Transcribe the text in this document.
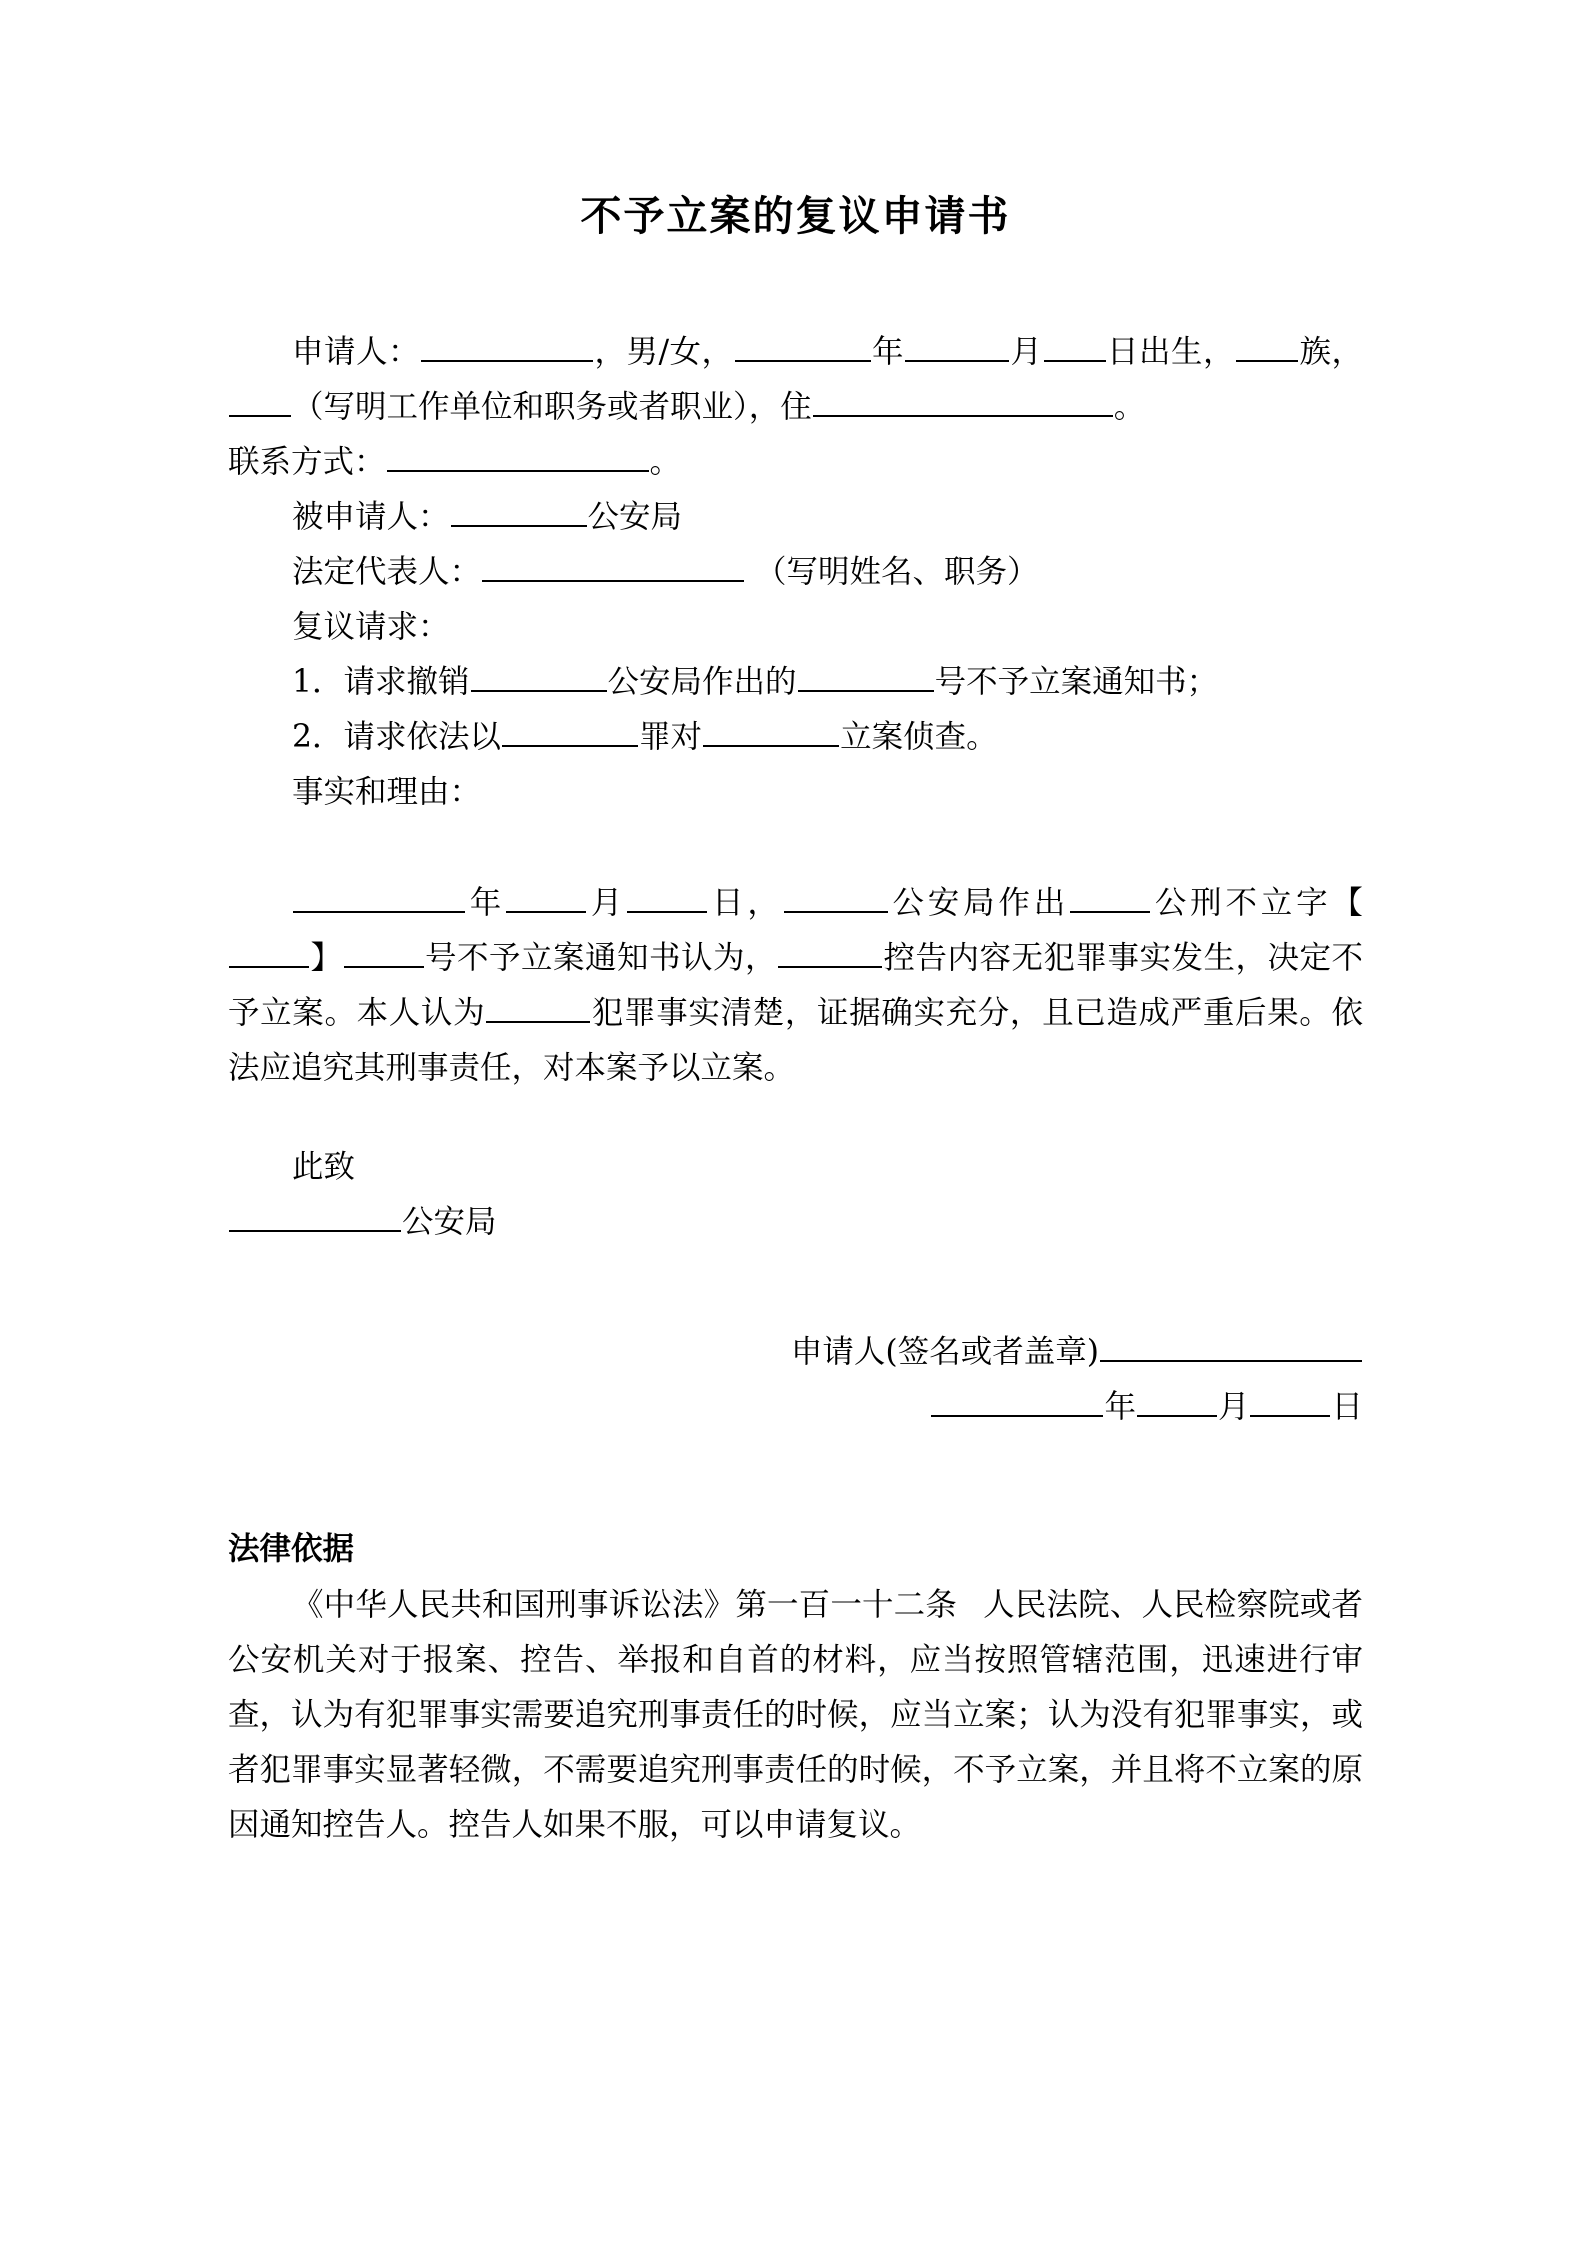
不予立案的复议申请书

申请人：	，男/女，	年	月 日出生， 族，（写明工作单位和职务或者职业），住	。

联系方式：	。

被申请人：	公安局

法定代表人：	（写明姓名、职务）

复议请求：

1．请求撤销	公安局作出的	号不予立案通知书；

2．请求依法以	罪对	立案侦查。

事实和理由：

年	月	日，	公安局作出	公刑不立字【】	号不予立案通知书认为，	控告内容无犯罪事实发生，决定不予立案。本人认为	犯罪事实清楚，证据确实充分，且已造成严重后果。依法应追究其刑事责任，对本案予以立案。

此致

公安局

申请人(签名或者盖章)
年	月	日
法律依据
《中华人民共和国刑事诉讼法》第一百一十二条 人民法院、人民检察院或者公安机关对于报案、控告、举报和自首的材料，应当按照管辖范围，迅速进行审查，认为有犯罪事实需要追究刑事责任的时候，应当立案；认为没有犯罪事实，或者犯罪事实显著轻微，不需要追究刑事责任的时候，不予立案，并且将不立案的原因通知控告人。控告人如果不服，可以申请复议。
